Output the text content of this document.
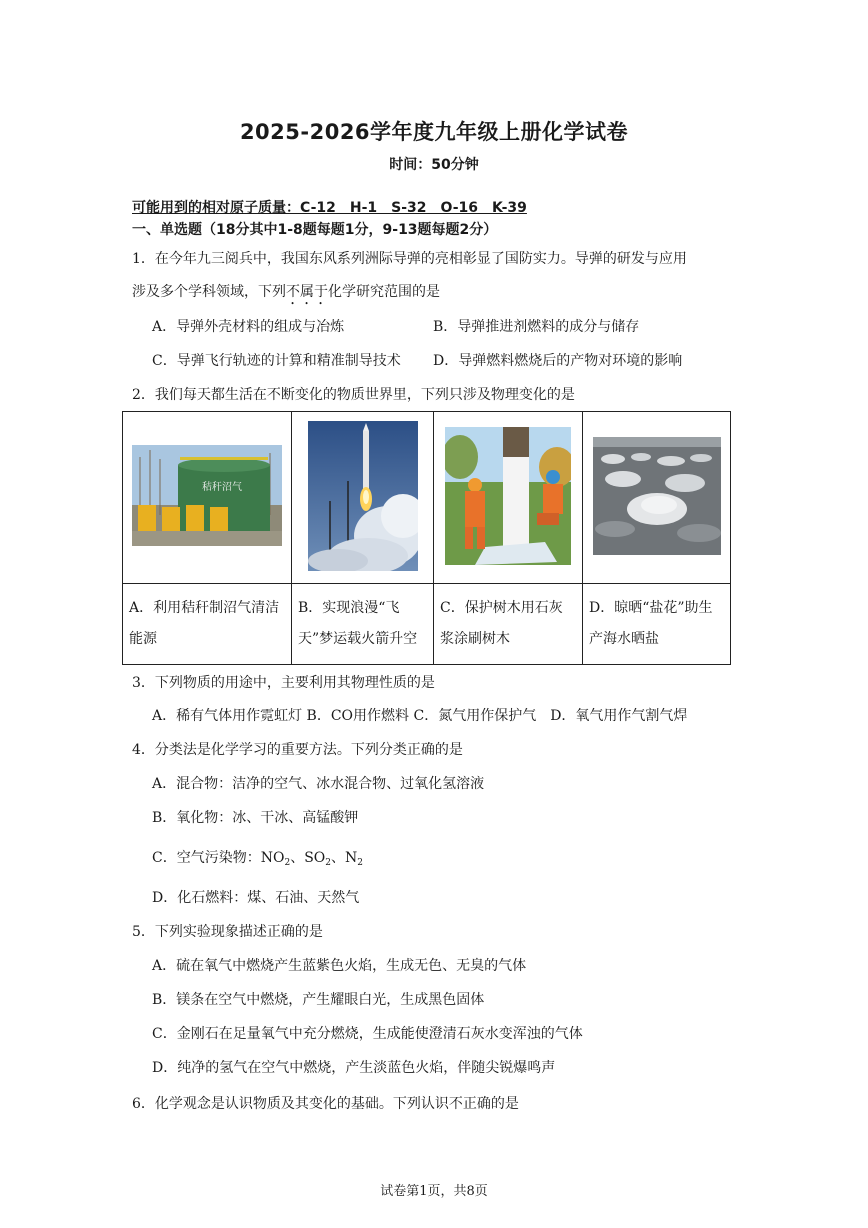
2025-2026学年度九年级上册化学试卷
时间：50分钟
可能用到的相对原子质量：C-12　H-1　S-32　O-16　K-39
一、单选题（18分其中1-8题每题1分，9-13题每题2分）
1．在今年九三阅兵中，我国东风系列洲际导弹的亮相彰显了国防实力。导弹的研发与应用
涉及多个学科领域，下列不属于化学研究范围的是
A．导弹外壳材料的组成与冶炼	B．导弹推进剂燃料的成分与储存
C．导弹飞行轨迹的计算和精准制导技术 D．导弹燃料燃烧后的产物对环境的影响
2．我们每天都生活在不断变化的物质世界里，下列只涉及物理变化的是
秸秆沼气

A．利用秸秆制沼气清洁能源	B．实现浪漫“飞天”梦运载火箭升空	C．保护树木用石灰浆涂刷树木	D．晾晒“盐花”助生产海水晒盐
3．下列物质的用途中，主要利用其物理性质的是
A．稀有气体用作霓虹灯 B．CO用作燃料 C．氮气用作保护气　D．氧气用作气割气焊
4．分类法是化学学习的重要方法。下列分类正确的是
A．混合物：洁净的空气、冰水混合物、过氧化氢溶液
B．氧化物：冰、干冰、高锰酸钾
C．空气污染物：$NO_2$、$SO_2$、$N_2$
D．化石燃料：煤、石油、天然气
5．下列实验现象描述正确的是
A．硫在氧气中燃烧产生蓝紫色火焰，生成无色、无臭的气体
B．镁条在空气中燃烧，产生耀眼白光，生成黑色固体
C．金刚石在足量氧气中充分燃烧，生成能使澄清石灰水变浑浊的气体
D．纯净的氢气在空气中燃烧，产生淡蓝色火焰，伴随尖锐爆鸣声
6．化学观念是认识物质及其变化的基础。下列认识不正确的是
试卷第1页，共8页
